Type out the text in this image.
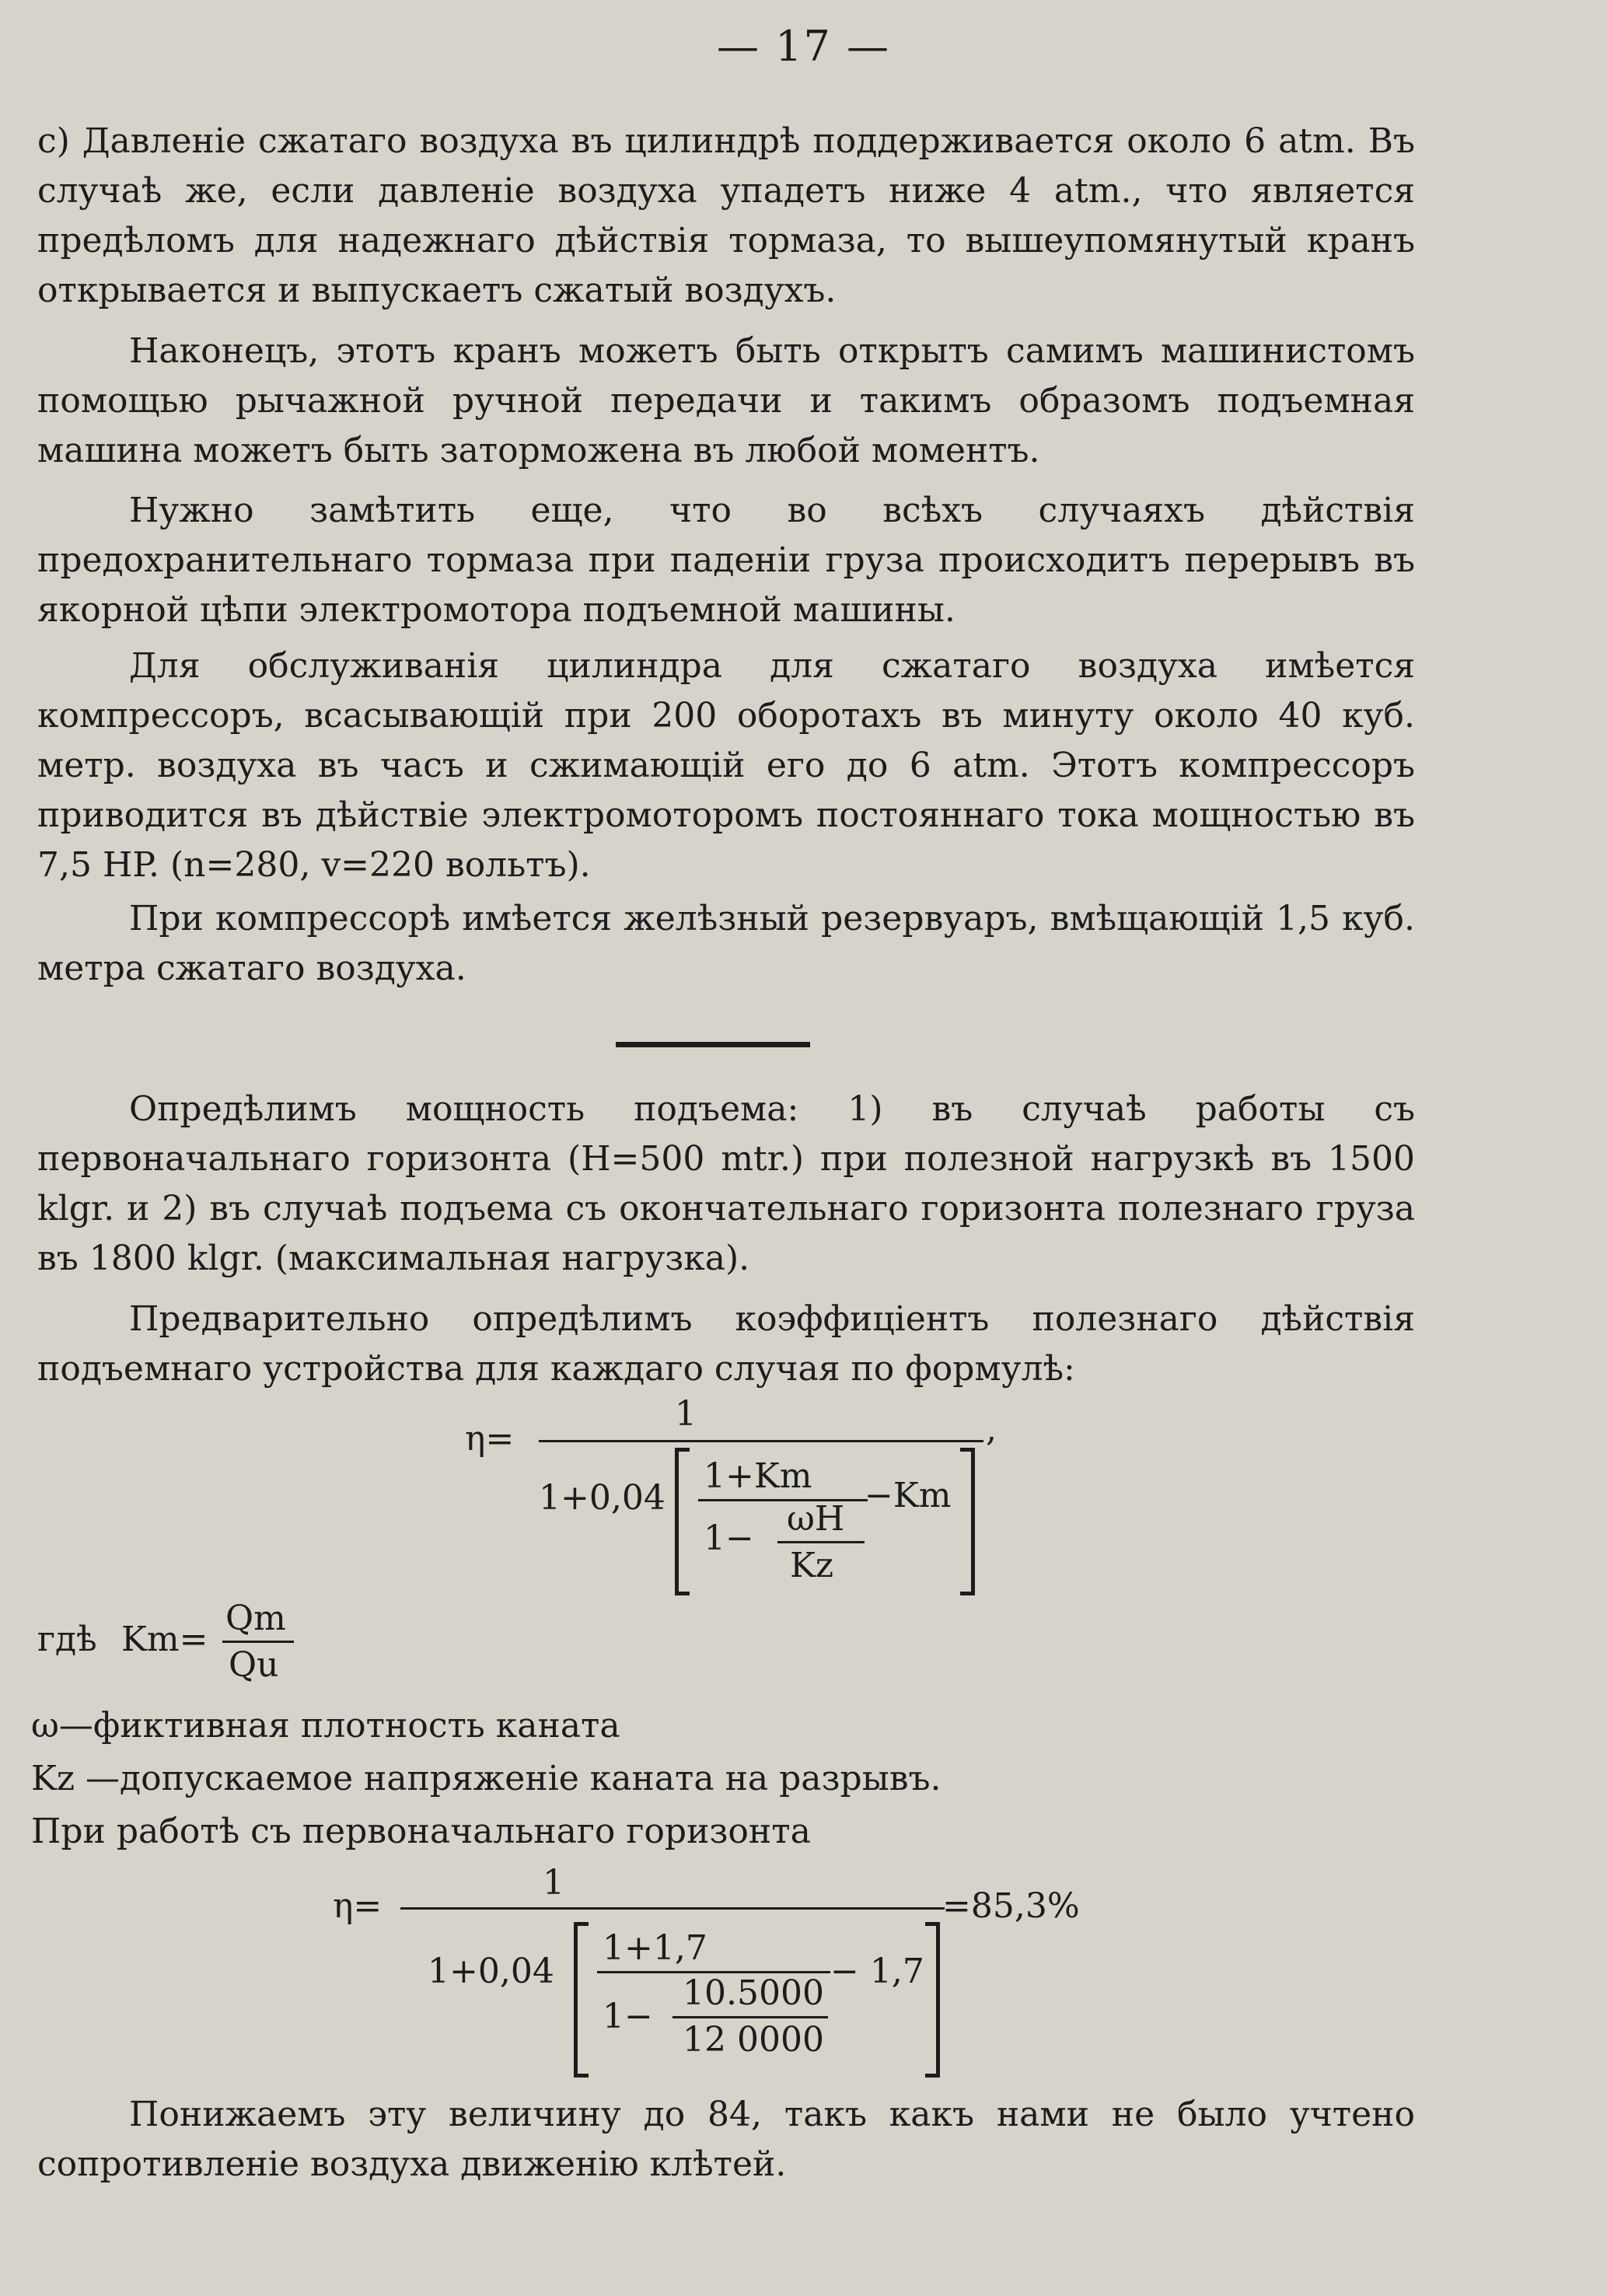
— 17 —
c) Давленіе сжатаго воздуха въ цилиндрѣ поддерживается около 6 atm. Въ случаѣ же, если давленіе воздуха упадетъ ниже 4 atm., что является предѣломъ для надежнаго дѣйствія тормаза, то вышеупомянутый кранъ открывается и выпускаетъ сжатый воздухъ.
Наконецъ, этотъ кранъ можетъ быть открытъ самимъ машинистомъ помощью рычажной ручной передачи и такимъ образомъ подъемная машина можетъ быть заторможена въ любой моментъ.
Нужно замѣтить еще, что во всѣхъ случаяхъ дѣйствія предохранительнаго тормаза при паденіи груза происходитъ перерывъ въ якорной цѣпи электромотора подъемной машины.
Для обслуживанія цилиндра для сжатаго воздуха имѣется компрессоръ, всасывающій при 200 оборотахъ въ минуту около 40 куб. метр. воздуха въ часъ и сжимающій его до 6 atm. Этотъ компрессоръ приводится въ дѣйствіе электромоторомъ постояннаго тока мощностью въ 7,5 HP. (n=280, v=220 вольтъ).
При компрессорѣ имѣется желѣзный резервуаръ, вмѣщающій 1,5 куб. метра сжатаго воздуха.
Опредѣлимъ мощность подъема: 1) въ случаѣ работы съ первоначальнаго горизонта (H=500 mtr.) при полезной нагрузкѣ въ 1500 klgr. и 2) въ случаѣ подъема съ окончательнаго горизонта полезнаго груза въ 1800 klgr. (максимальная нагрузка).
Предварительно опредѣлимъ коэффиціентъ полезнаго дѣйствія подъемнаго устройства для каждаго случая по формулѣ:
η=
1	,
1+0,04
1+Km
1− ωH
Kz
−Km
гдѣ Km=
Qm
Qu
ω—фиктивная плотность каната
Kz —допускаемое напряженіе каната на разрывъ.
При работѣ съ первоначальнаго горизонта
η=
1
=85,3%
1+0,04
1+1,7
1−
10.5000
12 0000
− 1,7
Понижаемъ эту величину до 84, такъ какъ нами не было учтено сопротивленіе воздуха движенію клѣтей.
